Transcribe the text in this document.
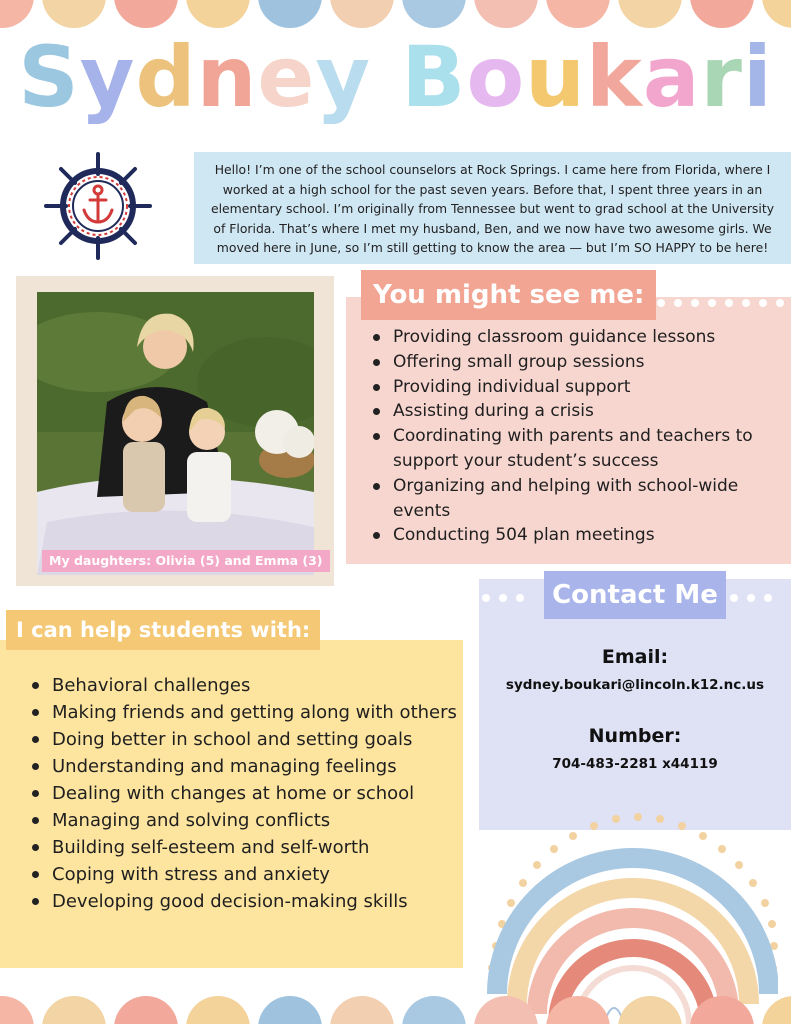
Sydney Boukari
Hello! I’m one of the school counselors at Rock Springs. I came here from Florida, where I worked at a high school for the past seven years. Before that, I spent three years in an elementary school. I’m originally from Tennessee but went to grad school at the University of Florida. That’s where I met my husband, Ben, and we now have two awesome girls. We moved here in June, so I’m still getting to know the area — but I’m SO HAPPY to be here!
My daughters: Olivia (5) and Emma (3)
You might see me:
Providing classroom guidance lessons
Offering small group sessions
Providing individual support
Assisting during a crisis
Coordinating with parents and teachers to support your student’s success
Organizing and helping with school-wide events
Conducting 504 plan meetings
I can help students with:
Behavioral challenges
Making friends and getting along with others
Doing better in school and setting goals
Understanding and managing feelings
Dealing with changes at home or school
Managing and solving conflicts
Building self-esteem and self-worth
Coping with stress and anxiety
Developing good decision-making skills
Contact Me
Email:
sydney.boukari@lincoln.k12.nc.us
Number:
704-483-2281 x44119
